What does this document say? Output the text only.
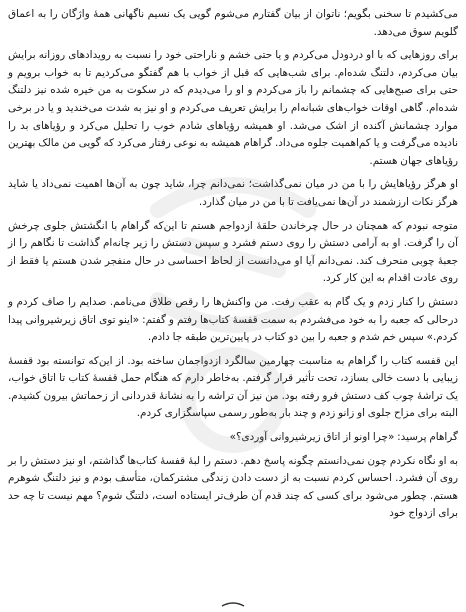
می‌کشیدم تا سخنی بگویم؛ ناتوان از بیان گفتارم می‌شوم گویی یک نسیم ناگهانی همهٔ واژگان را به اعماق گلویم سوق می‌دهد.

برای روزهایی که با او دردودل می‌کردم و یا حتی خشم و ناراحتی خود را نسبت به رویدادهای روزانه برایش بیان می‌کردم، دلتنگ شده‌ام. برای شب‌هایی که قبل از خواب با هم گفتگو می‌کردیم تا به خواب برویم و حتی برای صبح‌هایی که چشمانم را باز می‌کردم و او را می‌دیدم که در سکوت به من خیره شده نیز دلتنگ شده‌ام. گاهی اوقات خواب‌های شبانه‌ام را برایش تعریف می‌کردم و او نیز به شدت می‌خندید و یا در برخی موارد چشمانش آکنده از اشک می‌شد. او همیشه رؤیاهای شادم خوب را تحلیل می‌کرد و رؤیاهای بد را نادیده می‌گرفت و یا کم‌اهمیت جلوه می‌داد. گراهام همیشه به نوعی رفتار می‌کرد که گویی من مالک بهترین رؤیاهای جهان هستم.

او هرگز رؤیاهایش را با من در میان نمی‌گذاشت؛ نمی‌دانم چرا، شاید چون به آن‌ها اهمیت نمی‌داد یا شاید هرگز نکات ارزشمند در آن‌ها نمی‌یافت تا با من در میان گذارد.

متوجه نبودم که همچنان در حال چرخاندن حلقهٔ ازدواجم هستم تا این‌که گراهام با انگشتش جلوی چرخش آن را گرفت. او به آرامی دستش را روی دستم فشرد و سپس دستش را زیر چانه‌ام گذاشت تا نگاهم را از جعبهٔ چوبی منحرف کند. نمی‌دانم آیا او می‌دانست از لحاظ احساسی در حال منفجر شدن هستم یا فقط از روی عادت اقدام به این کار کرد.

دستش را کنار زدم و یک گام به عقب رفت. من واکنش‌ها را رقص طلاق می‌نامم. صدایم را صاف کردم و درحالی که جعبه را به خود می‌فشردم به سمت قفسهٔ کتاب‌ها رفتم و گفتم: «اینو توی اتاق زیرشیروانی پیدا کردم.» سپس خم شدم و جعبه را بین دو کتاب در پایین‌ترین طبقه جا دادم.

این قفسه کتاب را گراهام به مناسبت چهارمین سالگرد ازدواجمان ساخته بود. از این‌که توانسته بود قفسهٔ زیبایی با دست خالی بسازد، تحت تأثیر قرار گرفتم. به‌خاطر دارم که هنگام حمل قفسهٔ کتاب تا اتاق خواب، یک تراشهٔ چوب کف دستش فرو رفته بود. من نیز آن تراشه را به نشانهٔ قدردانی از زحماتش بیرون کشیدم. البته برای مزاح جلوی او زانو زدم و چند بار به‌طور رسمی سپاسگزاری کردم.

گراهام پرسید: «چرا اونو از اتاق زیرشیروانی آوردی؟»

به او نگاه نکردم چون نمی‌دانستم چگونه پاسخ دهم. دستم را لبهٔ قفسهٔ کتاب‌ها گذاشتم، او نیز دستش را بر روی آن فشرد. احساس کردم نسبت به از دست دادن زندگی مشترکمان، متأسف بودم و نیز دلتنگ شوهرم هستم. چطور می‌شود برای کسی که چند قدم آن طرف‌تر ایستاده است، دلتنگ شوم؟ مهم نیست تا چه حد برای ازدواج خود
